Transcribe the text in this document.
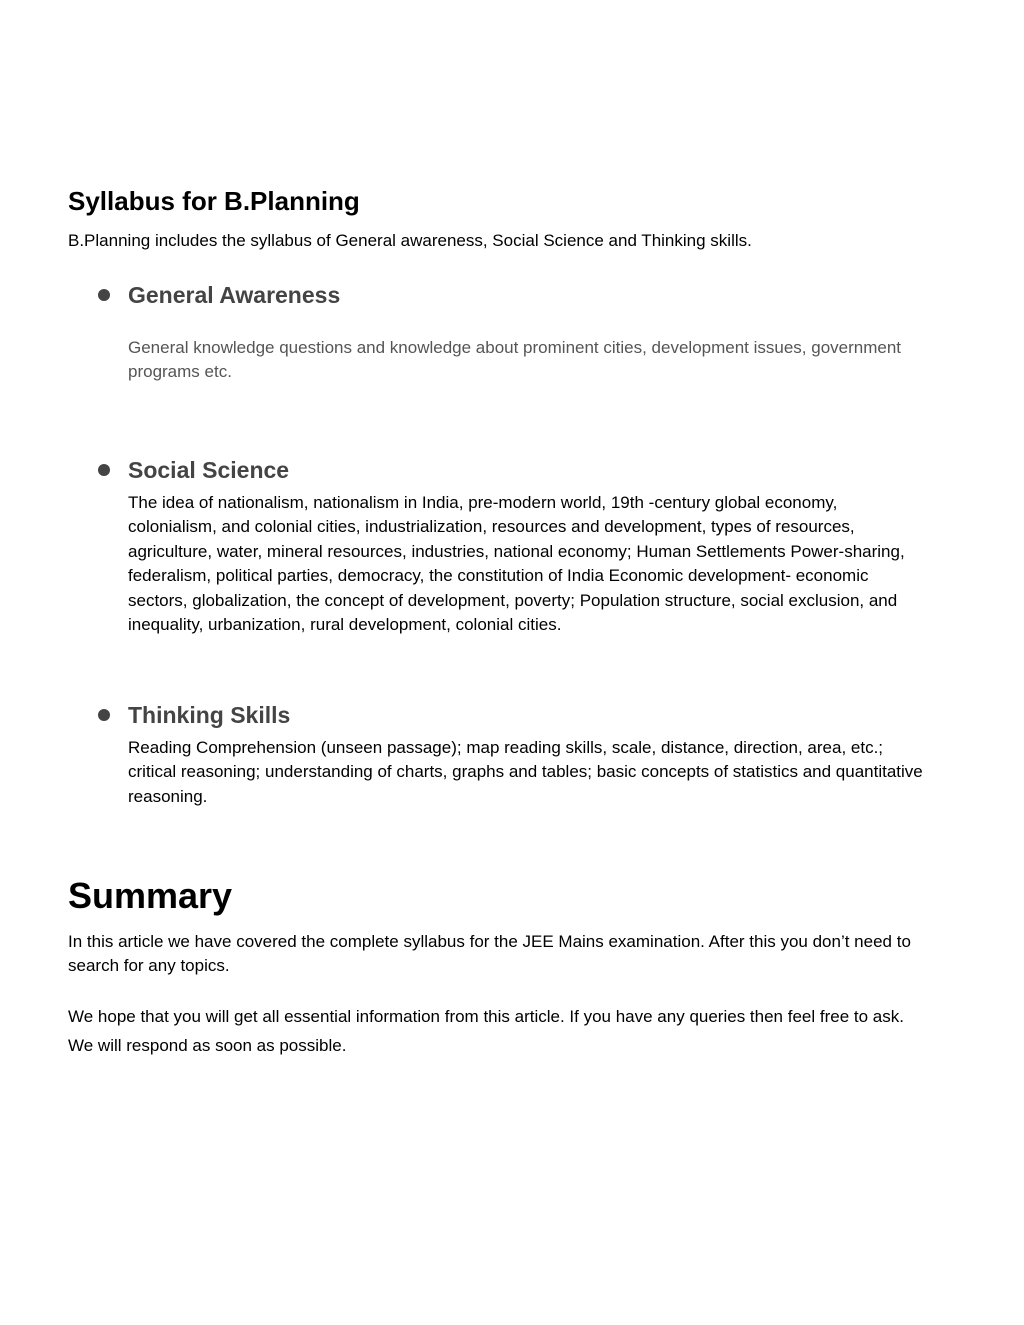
Syllabus for B.Planning
B.Planning includes the syllabus of General awareness, Social Science and Thinking skills.
General Awareness
General knowledge questions and knowledge about prominent cities, development issues, government programs etc.
Social Science
The idea of nationalism, nationalism in India, pre-modern world, 19th -century global economy, colonialism, and colonial cities, industrialization, resources and development, types of resources, agriculture, water, mineral resources, industries, national economy; Human Settlements Power-sharing, federalism, political parties, democracy, the constitution of India Economic development- economic sectors, globalization, the concept of development, poverty; Population structure, social exclusion, and inequality, urbanization, rural development, colonial cities.
Thinking Skills
Reading Comprehension (unseen passage); map reading skills, scale, distance, direction, area, etc.; critical reasoning; understanding of charts, graphs and tables; basic concepts of statistics and quantitative reasoning.
Summary
In this article we have covered the complete syllabus for the JEE Mains examination. After this you don’t need to search for any topics.
We hope that you will get all essential information from this article. If you have any queries then feel free to ask. We will respond as soon as possible.
